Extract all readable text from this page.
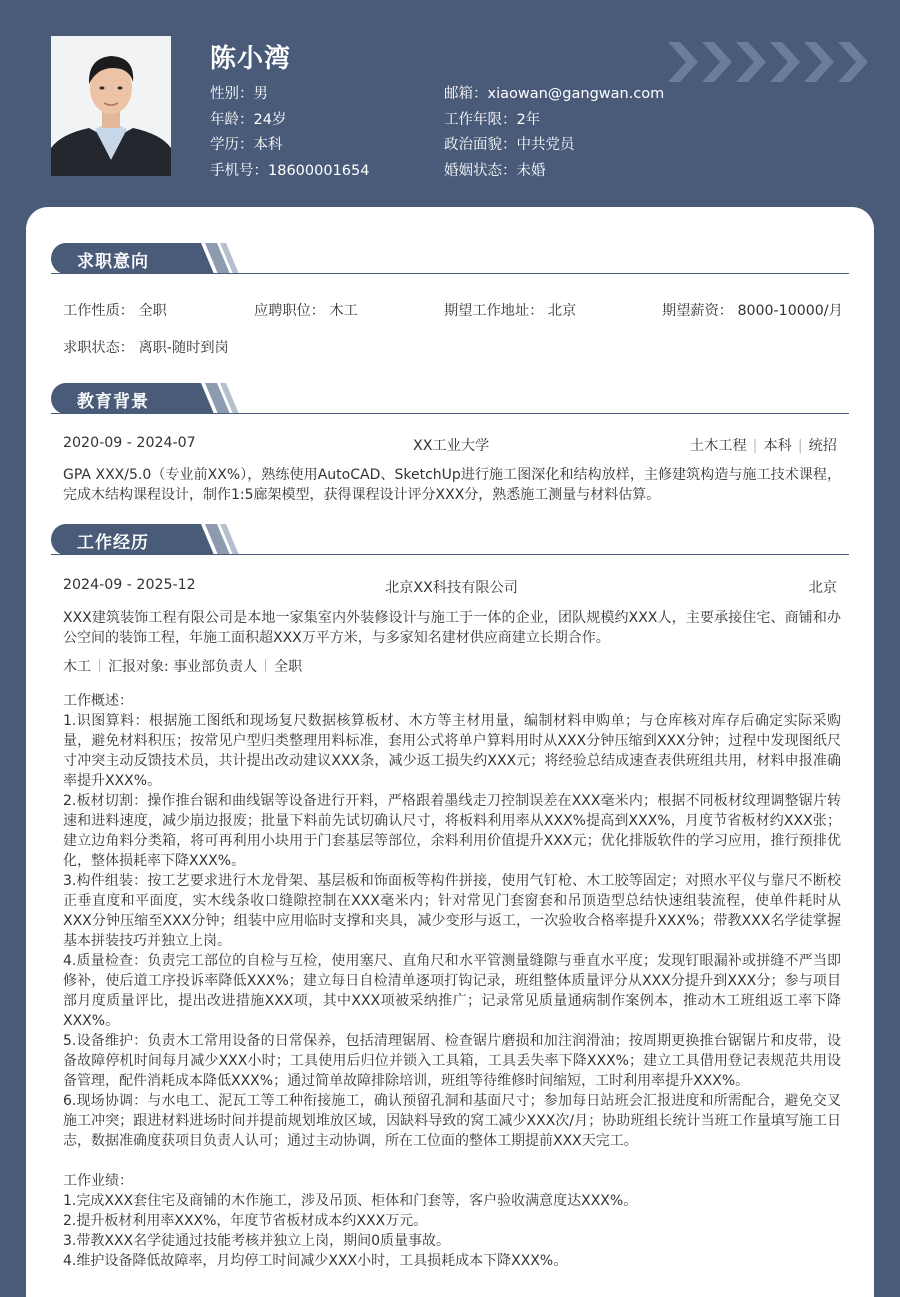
陈小湾
性别：男
年龄：24岁
学历：本科
手机号：18600001654
邮箱：xiaowan@gangwan.com
工作年限：2年
政治面貌：中共党员
婚姻状态：未婚
求职意向
工作性质： 全职	应聘职位： 木工	期望工作地址： 北京	期望薪资： 8000-10000/月
求职状态： 离职-随时到岗
教育背景
2020-09 - 2024-07	XX工业大学	土木工程 | 本科 | 统招
GPA XXX/5.0（专业前XX%），熟练使用AutoCAD、SketchUp进行施工图深化和结构放样，主修建筑构造与施工技术课程，完成木结构课程设计，制作1:5廊架模型，获得课程设计评分XXX分，熟悉施工测量与材料估算。
工作经历
2024-09 - 2025-12	北京XX科技有限公司	北京
XXX建筑装饰工程有限公司是本地一家集室内外装修设计与施工于一体的企业，团队规模约XXX人，主要承接住宅、商铺和办公空间的装饰工程，年施工面积超XXX万平方米，与多家知名建材供应商建立长期合作。
木工 汇报对象: 事业部负责人 全职

工作概述：

1.识图算料：根据施工图纸和现场复尺数据核算板材、木方等主材用量，编制材料申购单；与仓库核对库存后确定实际采购量，避免材料积压；按常见户型归类整理用料标准，套用公式将单户算料用时从XXX分钟压缩到XXX分钟；过程中发现图纸尺寸冲突主动反馈技术员，共计提出改动建议XXX条，减少返工损失约XXX元；将经验总结成速查表供班组共用，材料申报准确率提升XXX%。

2.板材切割：操作推台锯和曲线锯等设备进行开料，严格跟着墨线走刀控制误差在XXX毫米内；根据不同板材纹理调整锯片转速和进料速度，减少崩边报废；批量下料前先试切确认尺寸，将板料利用率从XXX%提高到XXX%，月度节省板材约XXX张；建立边角料分类箱，将可再利用小块用于门套基层等部位，余料利用价值提升XXX元；优化排版软件的学习应用，推行预排优化，整体损耗率下降XXX%。

3.构件组装：按工艺要求进行木龙骨架、基层板和饰面板等构件拼接，使用气钉枪、木工胶等固定；对照水平仪与靠尺不断校正垂直度和平面度，实木线条收口缝隙控制在XXX毫米内；针对常见门套窗套和吊顶造型总结快速组装流程，使单件耗时从XXX分钟压缩至XXX分钟；组装中应用临时支撑和夹具，减少变形与返工，一次验收合格率提升XXX%；带教XXX名学徒掌握基本拼装技巧并独立上岗。

4.质量检查：负责完工部位的自检与互检，使用塞尺、直角尺和水平管测量缝隙与垂直水平度；发现钉眼漏补或拼缝不严当即修补，使后道工序投诉率降低XXX%；建立每日自检清单逐项打钩记录，班组整体质量评分从XXX分提升到XXX分；参与项目部月度质量评比，提出改进措施XXX项，其中XXX项被采纳推广；记录常见质量通病制作案例本，推动木工班组返工率下降XXX%。

5.设备维护：负责木工常用设备的日常保养，包括清理锯屑、检查锯片磨损和加注润滑油；按周期更换推台锯锯片和皮带，设备故障停机时间每月减少XXX小时；工具使用后归位并锁入工具箱，工具丢失率下降XXX%；建立工具借用登记表规范共用设备管理，配件消耗成本降低XXX%；通过简单故障排除培训，班组等待维修时间缩短，工时利用率提升XXX%。

6.现场协调：与水电工、泥瓦工等工种衔接施工，确认预留孔洞和基面尺寸；参加每日站班会汇报进度和所需配合，避免交叉施工冲突；跟进材料进场时间并提前规划堆放区域，因缺料导致的窝工减少XXX次/月；协助班组长统计当班工作量填写施工日志，数据准确度获项目负责人认可；通过主动协调，所在工位面的整体工期提前XXX天完工。

工作业绩：

1.完成XXX套住宅及商铺的木作施工，涉及吊顶、柜体和门套等，客户验收满意度达XXX%。

2.提升板材利用率XXX%，年度节省板材成本约XXX万元。

3.带教XXX名学徒通过技能考核并独立上岗，期间0质量事故。

4.维护设备降低故障率，月均停工时间减少XXX小时，工具损耗成本下降XXX%。
